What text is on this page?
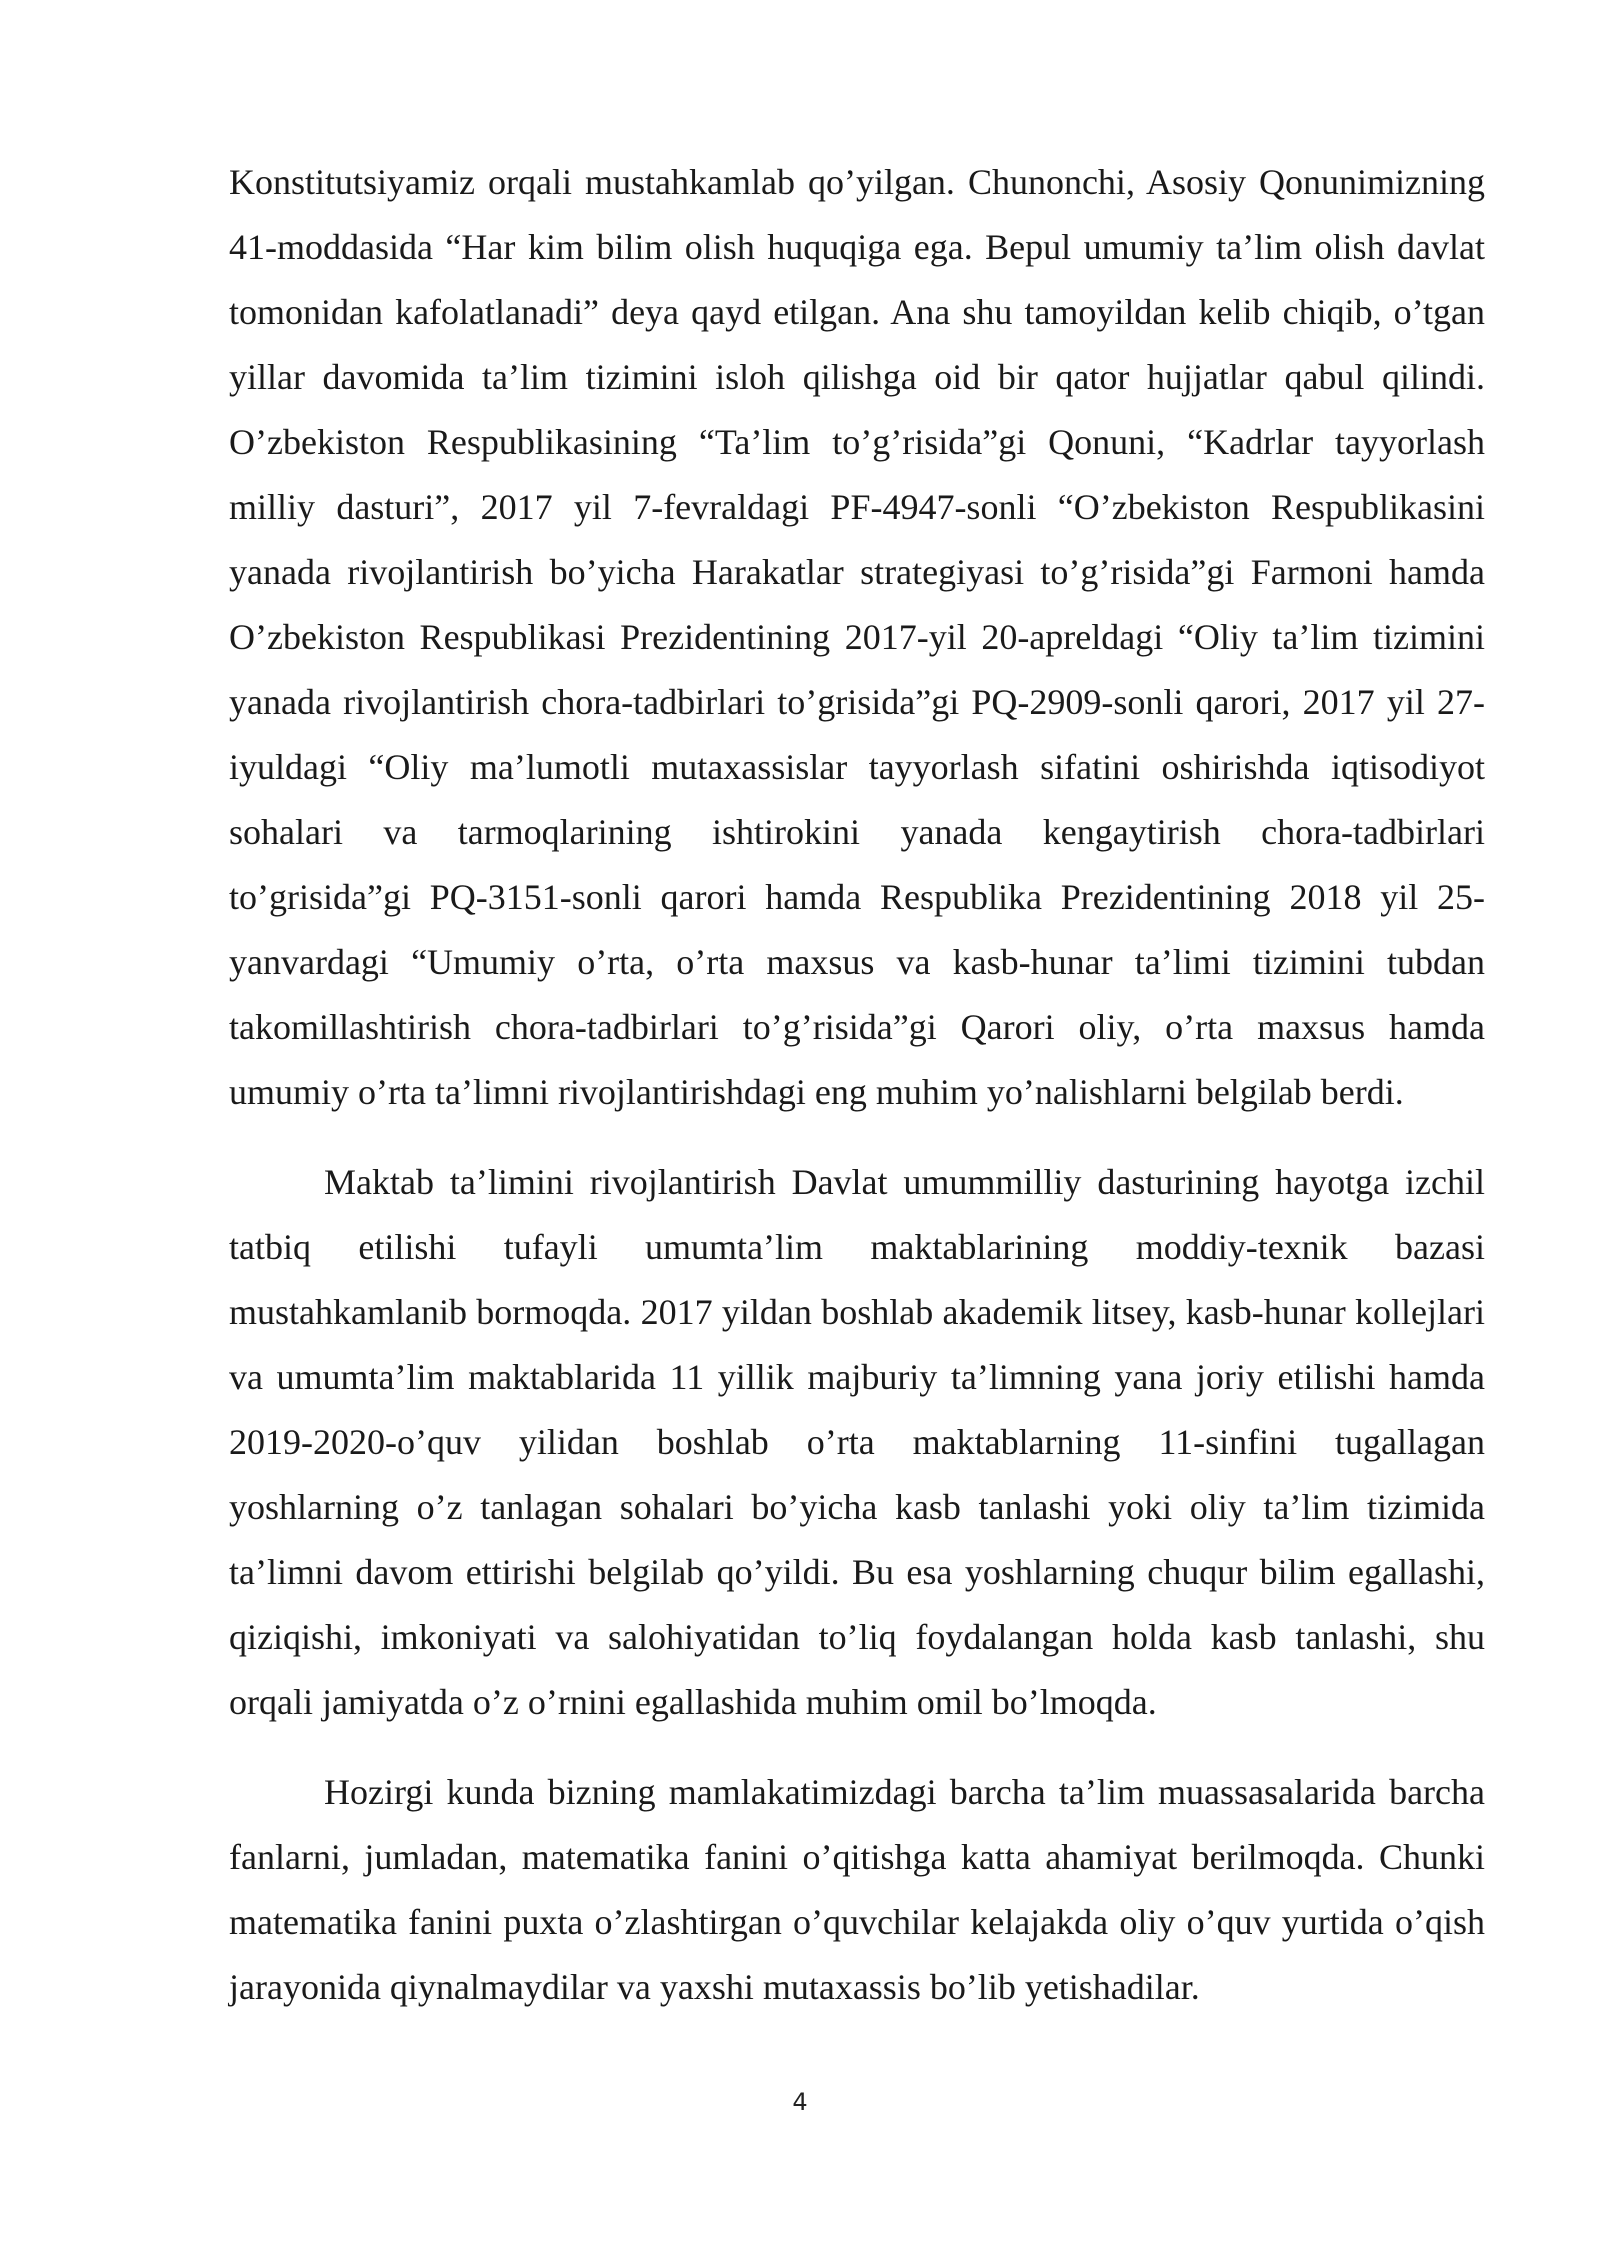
Konstitutsiyamiz orqali mustahkamlab qo’yilgan. Chunonchi, Asosiy Qonunimizning 41-moddasida “Har kim bilim olish huquqiga ega. Bepul umumiy ta’lim olish davlat tomonidan kafolatlanadi” deya qayd etilgan. Ana shu tamoyildan kelib chiqib, o’tgan yillar davomida ta’lim tizimini isloh qilishga oid bir qator hujjatlar qabul qilindi. O’zbekiston Respublikasining “Ta’lim to’g’risida”gi Qonuni, “Kadrlar tayyorlash milliy dasturi”, 2017 yil 7-fevraldagi PF-4947-sonli “O’zbekiston Respublikasini yanada rivojlantirish bo’yicha Harakatlar strategiyasi to’g’risida”gi Farmoni hamda O’zbekiston Respublikasi Prezidentining 2017-yil 20-apreldagi “Oliy ta’lim tizimini yanada rivojlantirish chora-tadbirlari to’grisida”gi PQ-2909-sonli qarori, 2017 yil 27-iyuldagi “Oliy ma’lumotli mutaxassislar tayyorlash sifatini oshirishda iqtisodiyot sohalari va tarmoqlarining ishtirokini yanada kengaytirish chora-tadbirlari to’grisida”gi PQ-3151-sonli qarori hamda Respublika Prezidentining 2018 yil 25-yanvardagi “Umumiy o’rta, o’rta maxsus va kasb-hunar ta’limi tizimini tubdan takomillashtirish chora-tadbirlari to’g’risida”gi Qarori oliy, o’rta maxsus hamda umumiy o’rta ta’limni rivojlantirishdagi eng muhim yo’nalishlarni belgilab berdi.

Maktab ta’limini rivojlantirish Davlat umummilliy dasturining hayotga izchil tatbiq etilishi tufayli umumta’lim maktablarining moddiy-texnik bazasi mustahkamlanib bormoqda. 2017 yildan boshlab akademik litsey, kasb-hunar kollejlari va umumta’lim maktablarida 11 yillik majburiy ta’limning yana joriy etilishi hamda 2019-2020-o’quv yilidan boshlab o’rta maktablarning 11-sinfini tugallagan yoshlarning o’z tanlagan sohalari bo’yicha kasb tanlashi yoki oliy ta’lim tizimida ta’limni davom ettirishi belgilab qo’yildi. Bu esa yoshlarning chuqur bilim egallashi, qiziqishi, imkoniyati va salohiyatidan to’liq foydalangan holda kasb tanlashi, shu orqali jamiyatda o’z o’rnini egallashida muhim omil bo’lmoqda.

Hozirgi kunda bizning mamlakatimizdagi barcha ta’lim muassasalarida barcha fanlarni, jumladan, matematika fanini o’qitishga katta ahamiyat berilmoqda. Chunki matematika fanini puxta o’zlashtirgan o’quvchilar kelajakda oliy o’quv yurtida o’qish jarayonida qiynalmaydilar va yaxshi mutaxassis bo’lib yetishadilar.

4
